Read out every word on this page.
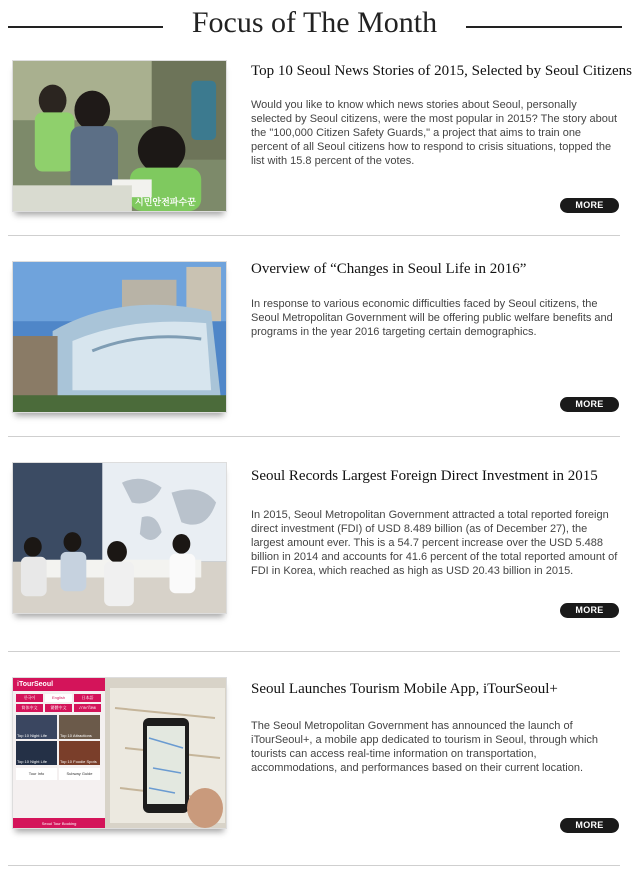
Focus of The Month
시민안전파수꾼
Top 10 Seoul News Stories of 2015, Selected by Seoul Citizens
Would you like to know which news stories about Seoul, personally selected by Seoul citizens, were the most popular in 2015? The story about the "100,000 Citizen Safety Guards," a project that aims to train one percent of all Seoul citizens how to respond to crisis situations, topped the list with 15.8 percent of the votes.
MORE
Overview of “Changes in Seoul Life in 2016”
In response to various economic difficulties faced by Seoul citizens, the Seoul Metropolitan Government will be offering public welfare benefits and programs in the year 2016 targeting certain demographics.
MORE
Seoul Records Largest Foreign Direct Investment in 2015
In 2015, Seoul Metropolitan Government attracted a total reported foreign direct investment (FDI) of USD 8.489 billion (as of December 27), the largest amount ever. This is a 54.7 percent increase over the USD 5.488 billion in 2014 and accounts for 41.6 percent of the total reported amount of FDI in Korea, which reached as high as USD 20.43 billion in 2015.
MORE
iTourSeoul
한국어	English	日本語
简体中文	繁體中文	ภาษาไทย
Top 10 Night Life	Top 10 Attractions
Top 10 Night Life	Top 10 Foodie Spots
Tour Info	Subway Guide
Seoul Tour Booking
Seoul Launches Tourism Mobile App, iTourSeoul+
The Seoul Metropolitan Government has announced the launch of iTourSeoul+, a mobile app dedicated to tourism in Seoul, through which tourists can access real-time information on transportation, accommodations, and performances based on their current location.
MORE
